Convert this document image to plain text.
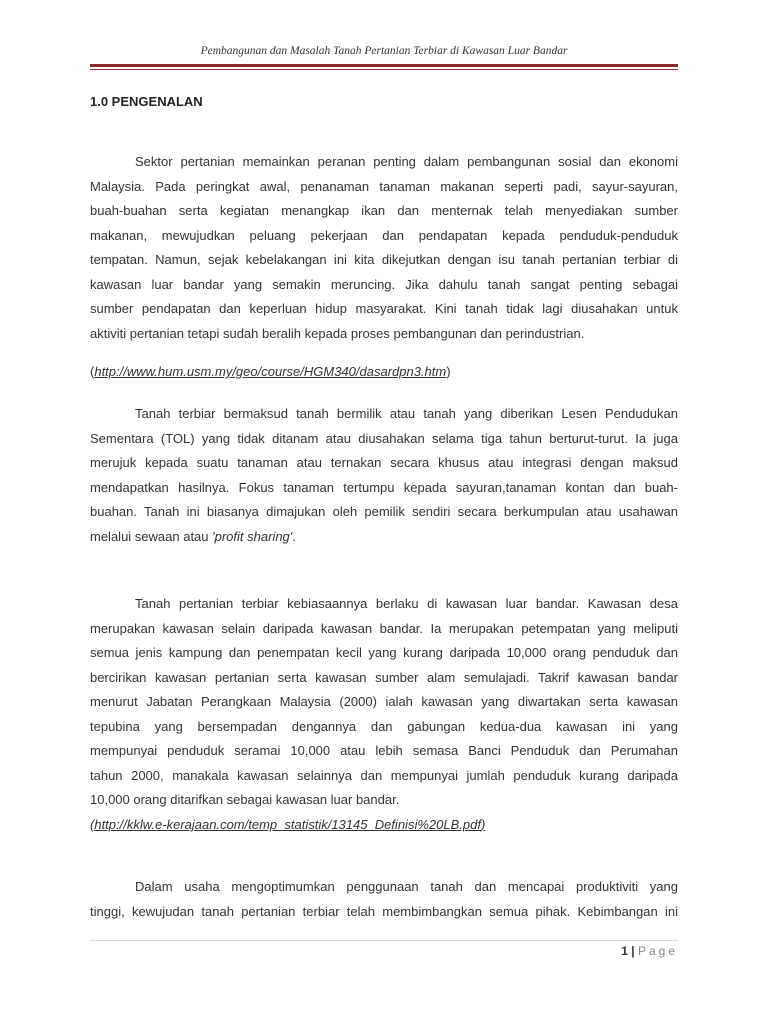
Pembangunan dan Masalah Tanah Pertanian Terbiar di Kawasan Luar Bandar
1.0 PENGENALAN
Sektor pertanian memainkan peranan penting dalam pembangunan sosial dan ekonomi
Malaysia. Pada peringkat awal, penanaman tanaman makanan seperti padi, sayur-sayuran,
buah-buahan serta kegiatan menangkap ikan dan menternak telah menyediakan sumber
makanan, mewujudkan peluang pekerjaan dan pendapatan kepada penduduk-penduduk
tempatan. Namun, sejak kebelakangan ini kita dikejutkan dengan isu tanah pertanian terbiar di
kawasan luar bandar yang semakin meruncing. Jika dahulu tanah sangat penting sebagai
sumber pendapatan dan keperluan hidup masyarakat. Kini tanah tidak lagi diusahakan untuk
aktiviti pertanian tetapi sudah beralih kepada proses pembangunan dan perindustrian.
(http://www.hum.usm.my/geo/course/HGM340/dasardpn3.htm)
Tanah terbiar bermaksud tanah bermilik atau tanah yang diberikan Lesen Pendudukan
Sementara (TOL) yang tidak ditanam atau diusahakan selama tiga tahun berturut-turut. Ia juga
merujuk kepada suatu tanaman atau ternakan secara khusus atau integrasi dengan maksud
mendapatkan hasilnya. Fokus tanaman tertumpu kepada sayuran,tanaman kontan dan buah-
buahan. Tanah ini biasanya dimajukan oleh pemilik sendiri secara berkumpulan atau usahawan
melalui sewaan atau 'profit sharing'.
Tanah pertanian terbiar kebiasaannya berlaku di kawasan luar bandar. Kawasan desa
merupakan kawasan selain daripada kawasan bandar. Ia merupakan petempatan yang meliputi
semua jenis kampung dan penempatan kecil yang kurang daripada 10,000 orang penduduk dan
bercirikan kawasan pertanian serta kawasan sumber alam semulajadi. Takrif kawasan bandar
menurut Jabatan Perangkaan Malaysia (2000) ialah kawasan yang diwartakan serta kawasan
tepubina yang bersempadan dengannya dan gabungan kedua-dua kawasan ini yang
mempunyai penduduk seramai 10,000 atau lebih semasa Banci Penduduk dan Perumahan
tahun 2000, manakala kawasan selainnya dan mempunyai jumlah penduduk kurang daripada
10,000 orang ditarifkan sebagai kawasan luar bandar.
(http://kklw.e-kerajaan.com/temp_statistik/13145_Definisi%20LB.pdf)
Dalam usaha mengoptimumkan penggunaan tanah dan mencapai produktiviti yang
tinggi, kewujudan tanah pertanian terbiar telah membimbangkan semua pihak. Kebimbangan ini
1 | Page
